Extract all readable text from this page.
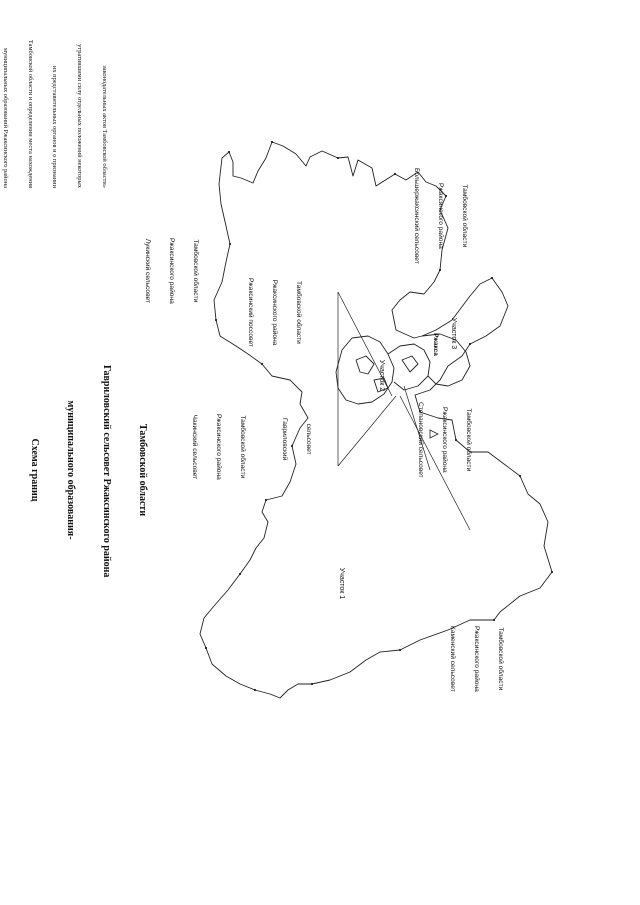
законодательных актов Тамбовской области»

утратившими силу отдельных положений некоторых

их представительных органов и о признании

Тамбовской области и определении места нахождения

муниципальных образований Ржаксинского района

Тамбовской области

Гавриловский сельсовет Ржаксинского района

муниципального образования-

Схема границ

Тамбовской области

Ржаксинского района

Лукинский сельсовет

Тамбовской области

Ржаксинского района

Ржаксинский поссовет

Тамбовской области

Ржаксинского района

Чакинский сельсовет

	сельсовет

Гавриловский

	Тамбовской области

Ржаксинского района

Степановский сельсовет

Тамбовской области

Ржаксинского района

Большержаксинский сельсовет

Тамбовской области

Ржаксинского района

Каменский сельсовет

Участок 1

Участок 2

Участок 3

Ржакса
